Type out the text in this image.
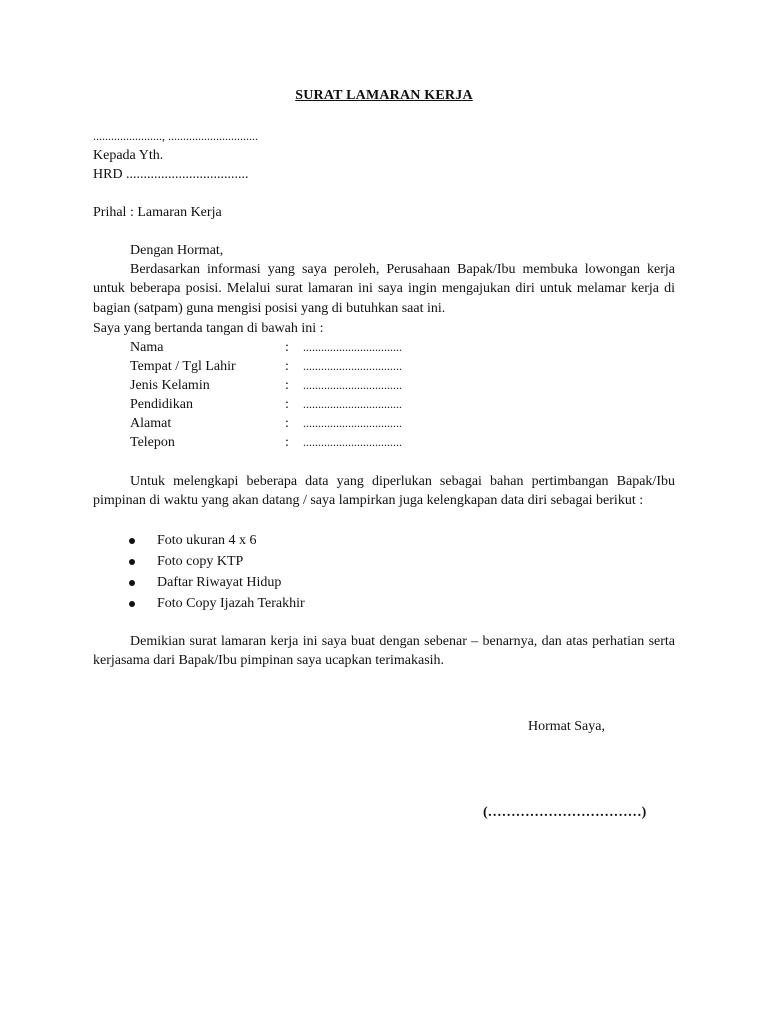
SURAT LAMARAN KERJA
......................., ..............................
Kepada Yth.
HRD ...................................
Prihal : Lamaran Kerja
Dengan Hormat,
Berdasarkan informasi yang saya peroleh, Perusahaan Bapak/Ibu membuka lowongan kerja untuk beberapa posisi. Melalui surat lamaran ini saya ingin mengajukan diri untuk melamar kerja di bagian (satpam) guna mengisi posisi yang di butuhkan saat ini.
Saya yang bertanda tangan di bawah ini :
Nama	: .................................
Tempat / Tgl Lahir	: .................................
Jenis Kelamin	: .................................
Pendidikan	: .................................
Alamat	: .................................
Telepon	: .................................
Untuk melengkapi beberapa data yang diperlukan sebagai bahan pertimbangan Bapak/Ibu pimpinan di waktu yang akan datang / saya lampirkan juga kelengkapan data diri sebagai berikut :
Foto ukuran 4 x 6
Foto copy KTP
Daftar Riwayat Hidup
Foto Copy Ijazah Terakhir
Demikian surat lamaran kerja ini saya buat dengan sebenar – benarnya, dan atas perhatian serta kerjasama dari Bapak/Ibu pimpinan saya ucapkan terimakasih.
Hormat Saya,
(……………………………)
